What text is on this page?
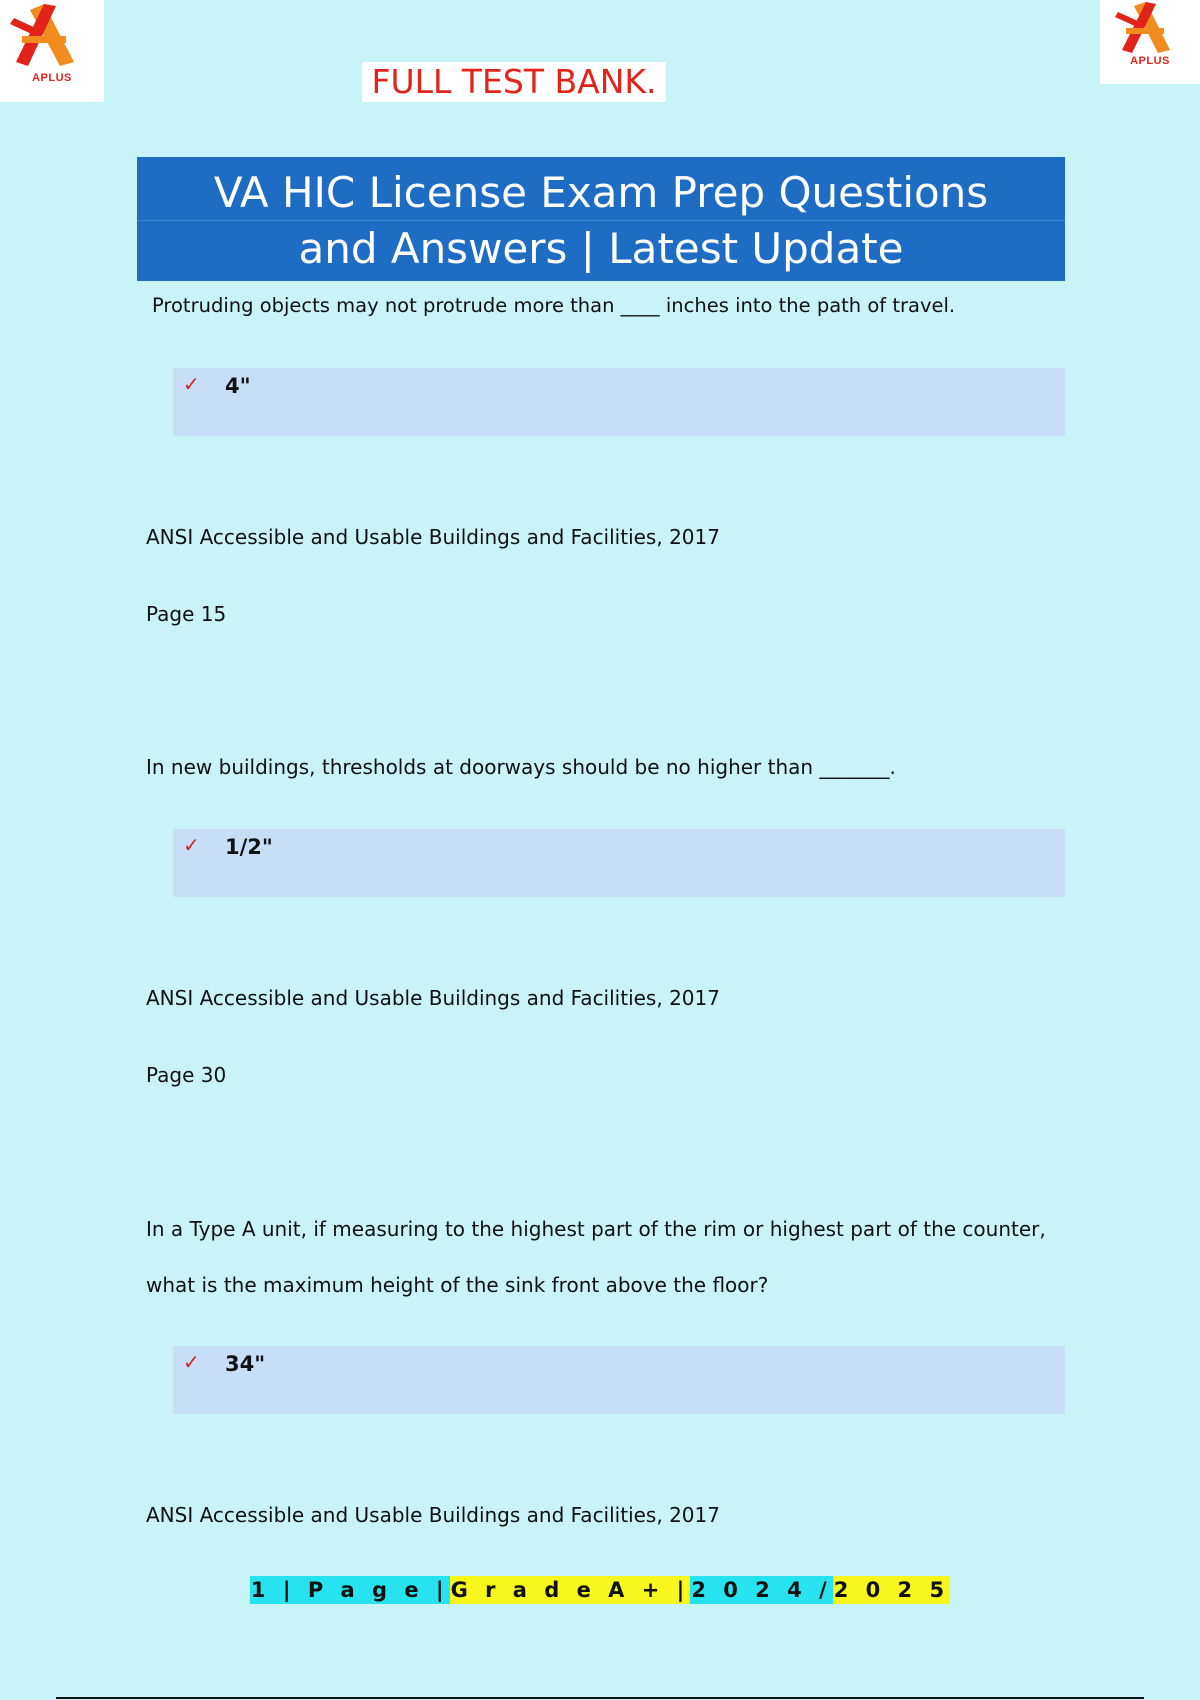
APLUS
APLUS
FULL TEST BANK.
VA HIC License Exam Prep Questions
and Answers | Latest Update
Protruding objects may not protrude more than ____ inches into the path of travel.
✓ 4"
ANSI Accessible and Usable Buildings and Facilities, 2017
Page 15
In new buildings, thresholds at doorways should be no higher than _______.
✓ 1/2"
ANSI Accessible and Usable Buildings and Facilities, 2017
Page 30
In a Type A unit, if measuring to the highest part of the rim or highest part of the counter,
what is the maximum height of the sink front above the floor?
✓ 34"
ANSI Accessible and Usable Buildings and Facilities, 2017
1 | P a g e |G r a d e A + |2 0 2 4 /2 0 2 5
